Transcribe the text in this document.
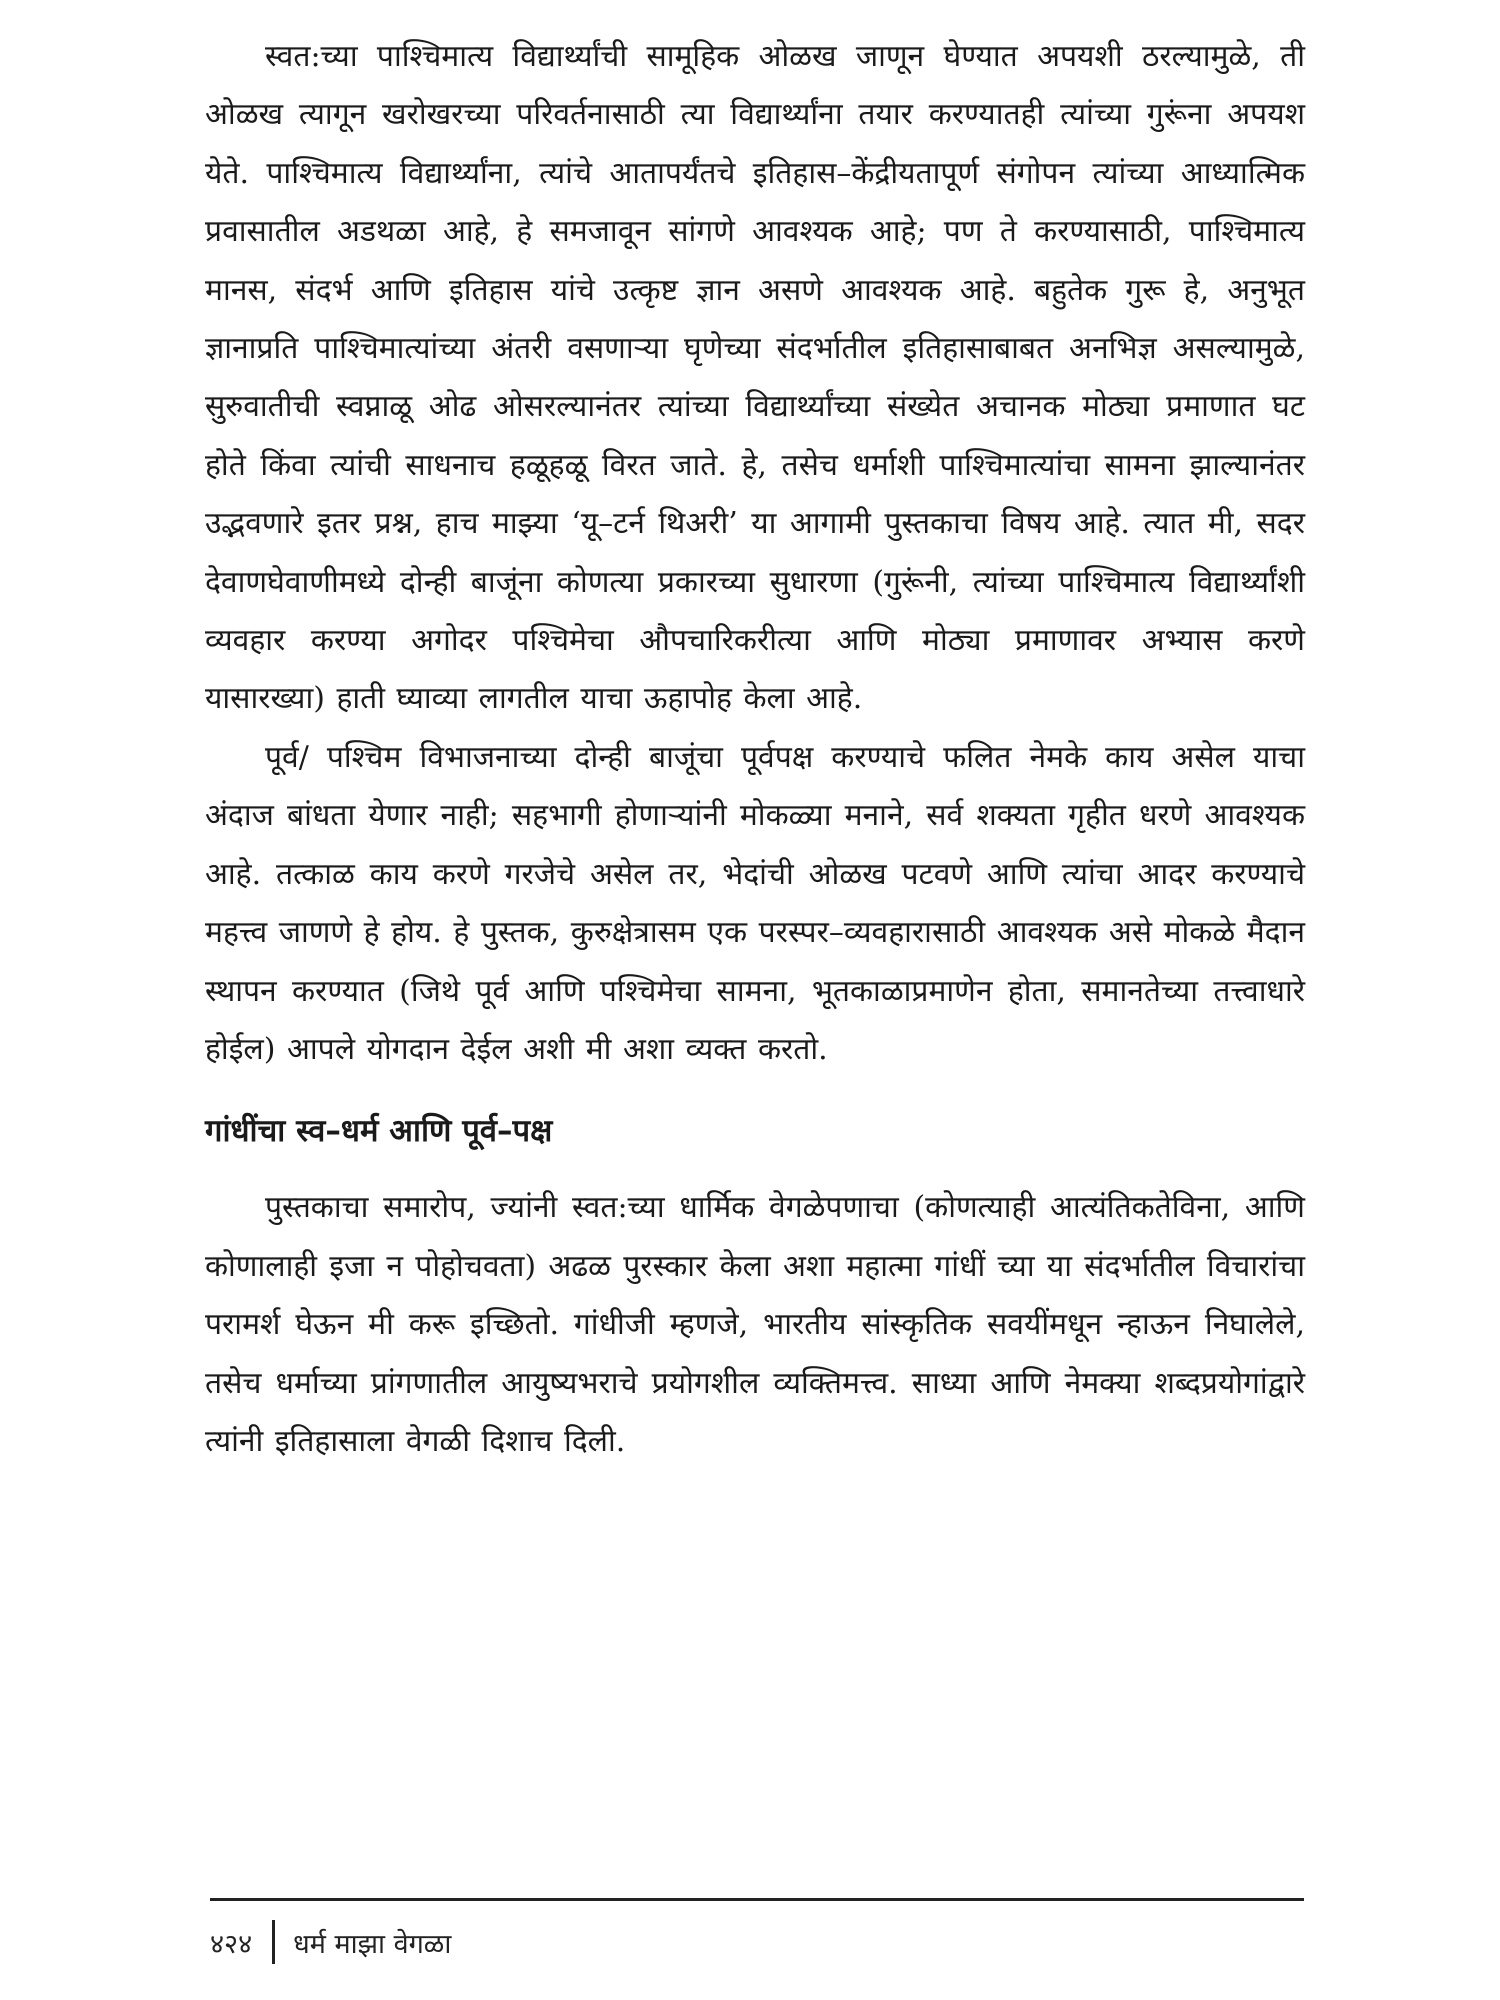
स्वत:च्या पाश्चिमात्य विद्यार्थ्यांची सामूहिक ओळख जाणून घेण्यात अपयशी ठरल्यामुळे, ती ओळख त्यागून खरोखरच्या परिवर्तनासाठी त्या विद्यार्थ्यांना तयार करण्यातही त्यांच्या गुरूंना अपयश येते. पाश्चिमात्य विद्यार्थ्यांना, त्यांचे आतापर्यंतचे इतिहास–केंद्रीयतापूर्ण संगोपन त्यांच्या आध्यात्मिक प्रवासातील अडथळा आहे, हे समजावून सांगणे आवश्यक आहे; पण ते करण्यासाठी, पाश्चिमात्य मानस, संदर्भ आणि इतिहास यांचे उत्कृष्ट ज्ञान असणे आवश्यक आहे. बहुतेक गुरू हे, अनुभूत ज्ञानाप्रति पाश्चिमात्यांच्या अंतरी वसणाऱ्या घृणेच्या संदर्भातील इतिहासाबाबत अनभिज्ञ असल्यामुळे, सुरुवातीची स्वप्नाळू ओढ ओसरल्यानंतर त्यांच्या विद्यार्थ्यांच्या संख्येत अचानक मोठ्या प्रमाणात घट होते किंवा त्यांची साधनाच हळूहळू विरत जाते. हे, तसेच धर्माशी पाश्चिमात्यांचा सामना झाल्यानंतर उद्भवणारे इतर प्रश्न, हाच माझ्या ‘यू–टर्न थिअरी’ या आगामी पुस्तकाचा विषय आहे. त्यात मी, सदर देवाणघेवाणीमध्ये दोन्ही बाजूंना कोणत्या प्रकारच्या सुधारणा (गुरूंनी, त्यांच्या पाश्चिमात्य विद्यार्थ्यांशी व्यवहार करण्या अगोदर पश्चिमेचा औपचारिकरीत्या आणि मोठ्या प्रमाणावर अभ्यास करणे यासारख्या) हाती घ्याव्या लागतील याचा ऊहापोह केला आहे.

पूर्व/ पश्चिम विभाजनाच्या दोन्ही बाजूंचा पूर्वपक्ष करण्याचे फलित नेमके काय असेल याचा अंदाज बांधता येणार नाही; सहभागी होणाऱ्यांनी मोकळ्या मनाने, सर्व शक्यता गृहीत धरणे आवश्यक आहे. तत्काळ काय करणे गरजेचे असेल तर, भेदांची ओळख पटवणे आणि त्यांचा आदर करण्याचे महत्त्व जाणणे हे होय. हे पुस्तक, कुरुक्षेत्रासम एक परस्पर–व्यवहारासाठी आवश्यक असे मोकळे मैदान स्थापन करण्यात (जिथे पूर्व आणि पश्चिमेचा सामना, भूतकाळाप्रमाणेन होता, समानतेच्या तत्त्वाधारे होईल) आपले योगदान देईल अशी मी अशा व्यक्त करतो.

गांधींचा स्व–धर्म आणि पूर्व–पक्ष

पुस्तकाचा समारोप, ज्यांनी स्वत:च्या धार्मिक वेगळेपणाचा (कोणत्याही आत्यंतिकतेविना, आणि कोणालाही इजा न पोहोचवता) अढळ पुरस्कार केला अशा महात्मा गांधीं च्या या संदर्भातील विचारांचा परामर्श घेऊन मी करू इच्छितो. गांधीजी म्हणजे, भारतीय सांस्कृतिक सवयींमधून न्हाऊन निघालेले, तसेच धर्माच्या प्रांगणातील आयुष्यभराचे प्रयोगशील व्यक्तिमत्त्व. साध्या आणि नेमक्या शब्दप्रयोगांद्वारे त्यांनी इतिहासाला वेगळी दिशाच दिली.

४२४ धर्म माझा वेगळा
